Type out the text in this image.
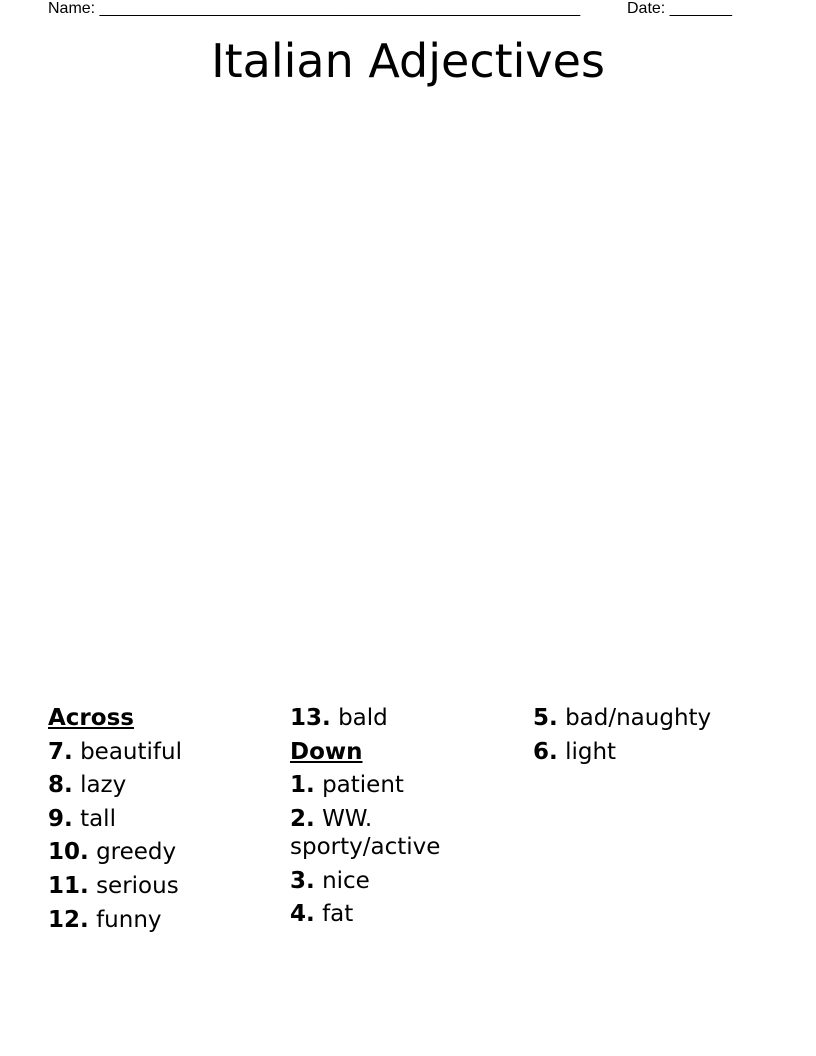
Name: ______________________________________________________	Date: _______
Italian Adjectives
Across
7. beautiful
8. lazy
9. tall
10. greedy
11. serious
12. funny
13. bald
Down
1. patient
2. WW. sporty/active
3. nice
4. fat
5. bad/naughty
6. light
